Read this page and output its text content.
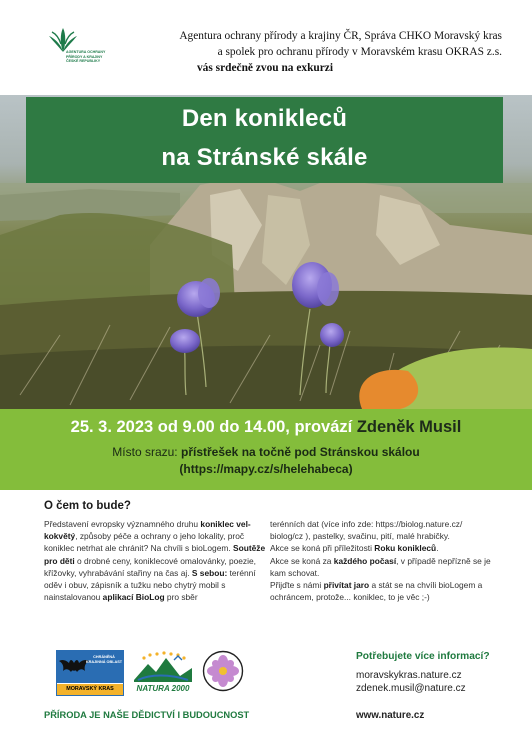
AGENTURA OCHRANY PŘÍRODY A KRAJINY ČESKÉ REPUBLIKY
Agentura ochrany přírody a krajiny ČR, Správa CHKO Moravský kras
a spolek pro ochranu přírody v Moravském krasu OKRAS z.s.
vás srdečně zvou na exkurzi
Den konikleců
na Stránské skále
25. 3. 2023 od 9.00 do 14.00, provází Zdeněk Musil
Místo srazu: přístřešek na točně pod Stránskou skálou
(https://mapy.cz/s/helehabeca)
O čem to bude?
Představení evropsky významného druhu koniklec velkokvětý, způsoby péče a ochrany o jeho lokality, proč koniklec netrhat ale chránit? Na chvíli s bioLogem. Soutěže pro děti o drobné ceny, koniklecové omalovánky, poezie, křížovky, vyhrabávání stařiny na čas aj. S sebou: terénní oděv i obuv, zápisník a tužku nebo chytrý mobil s nainstalovanou aplikací BioLog pro sběr
terénních dat (více info zde: https://biolog.nature.cz/ biolog/cz ), pastelky, svačinu, pití, malé hrabičky.
Akce se koná při příležitosti Roku konikleců.
Akce se koná za každého počasí, v případě nepřízně se je kam schovat.
Přijďte s námi přivítat jaro a stát se na chvíli bioLogem a ochráncem, protože... koniklec, to je věc ;-)
CHRÁNĚNÁ KRAJINNÁ OBLAST
MORAVSKÝ KRAS	NATURA 2000
PŘÍRODA JE NAŠE DĚDICTVÍ I BUDOUCNOST
Potřebujete více informací?
moravskykras.nature.cz
zdenek.musil@nature.cz
www.nature.cz
